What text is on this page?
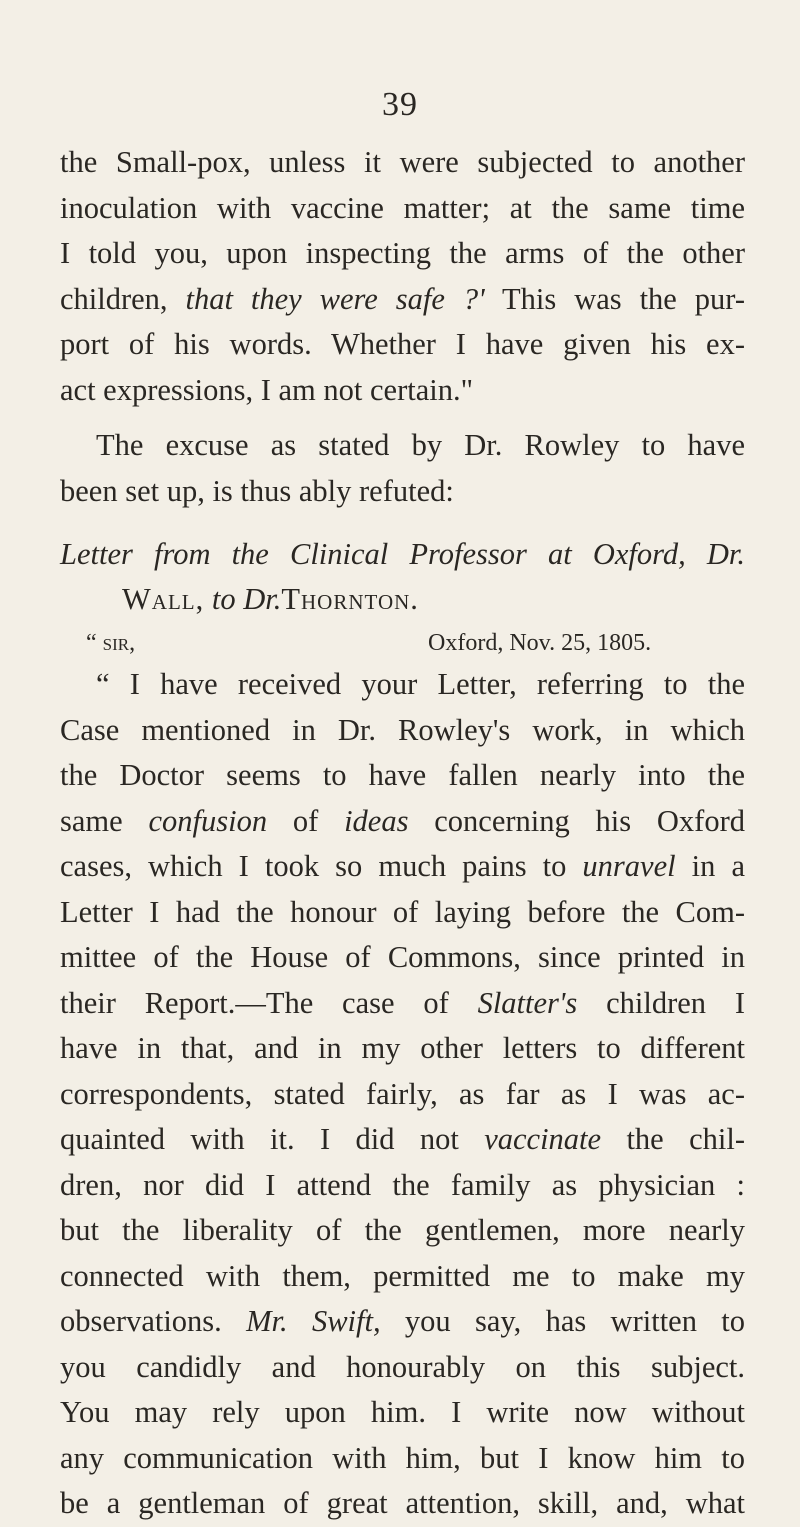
39
the Small-pox, unless it were subjected to another
inoculation with vaccine matter; at the same time
I told you, upon inspecting the arms of the other
children, that they were safe ?' This was the pur-
port of his words. Whether I have given his ex-
act expressions, I am not certain."
The excuse as stated by Dr. Rowley to have
been set up, is thus ably refuted:
Letter from the Clinical Professor at Oxford, Dr.
Wall, to Dr.Thornton.
“ sir,	Oxford, Nov. 25, 1805.
“ I have received your Letter, referring to the
Case mentioned in Dr. Rowley's work, in which
the Doctor seems to have fallen nearly into the
same confusion of ideas concerning his Oxford
cases, which I took so much pains to unravel in a
Letter I had the honour of laying before the Com-
mittee of the House of Commons, since printed in
their Report.—The case of Slatter's children I
have in that, and in my other letters to different
correspondents, stated fairly, as far as I was ac-
quainted with it. I did not vaccinate the chil-
dren, nor did I attend the family as physician :
but the liberality of the gentlemen, more nearly
connected with them, permitted me to make my
observations. Mr. Swift, you say, has written to
you candidly and honourably on this subject.
You may rely upon him. I write now without
any communication with him, but I know him to
be a gentleman of great attention, skill, and, what
